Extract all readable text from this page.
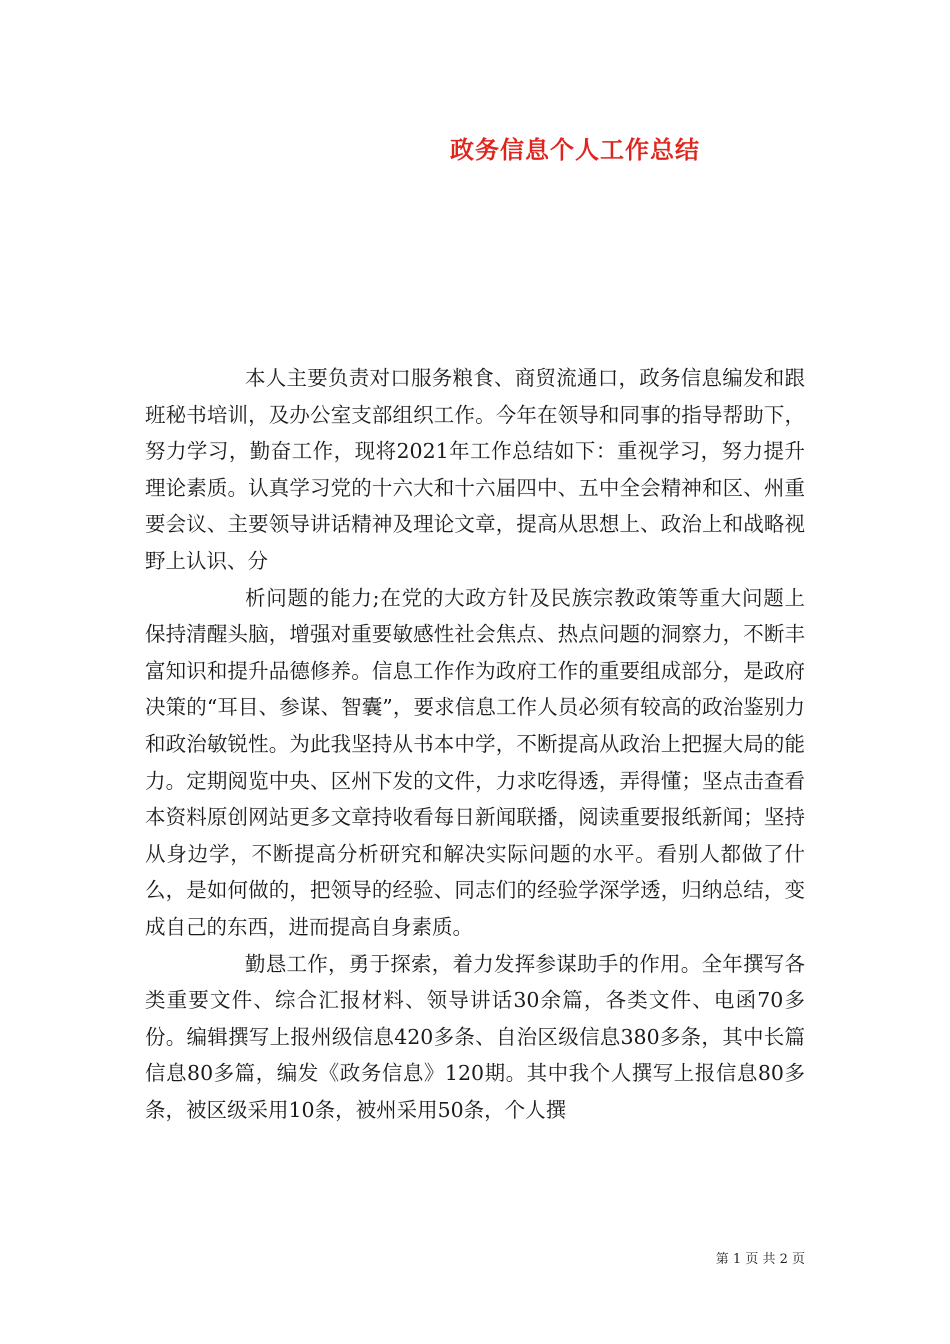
政务信息个人工作总结

本人主要负责对口服务粮食、商贸流通口，政务信息编发和跟班秘书培训，及办公室支部组织工作。今年在领导和同事的指导帮助下，努力学习，勤奋工作，现将2021年工作总结如下：重视学习，努力提升理论素质。认真学习党的十六大和十六届四中、五中全会精神和区、州重要会议、主要领导讲话精神及理论文章，提高从思想上、政治上和战略视野上认识、分

析问题的能力;在党的大政方针及民族宗教政策等重大问题上保持清醒头脑，增强对重要敏感性社会焦点、热点问题的洞察力，不断丰富知识和提升品德修养。信息工作作为政府工作的重要组成部分，是政府决策的“耳目、参谋、智囊”，要求信息工作人员必须有较高的政治鉴别力和政治敏锐性。为此我坚持从书本中学，不断提高从政治上把握大局的能力。定期阅览中央、区州下发的文件，力求吃得透，弄得懂；坚点击查看本资料原创网站更多文章持收看每日新闻联播，阅读重要报纸新闻；坚持从身边学，不断提高分析研究和解决实际问题的水平。看别人都做了什么，是如何做的，把领导的经验、同志们的经验学深学透，归纳总结，变成自己的东西，进而提高自身素质。

勤恳工作，勇于探索，着力发挥参谋助手的作用。全年撰写各类重要文件、综合汇报材料、领导讲话30余篇，各类文件、电函70多份。编辑撰写上报州级信息420多条、自治区级信息380多条，其中长篇信息80多篇，编发《政务信息》120期。其中我个人撰写上报信息80多条，被区级采用10条，被州采用50条，个人撰

第 1 页 共 2 页
